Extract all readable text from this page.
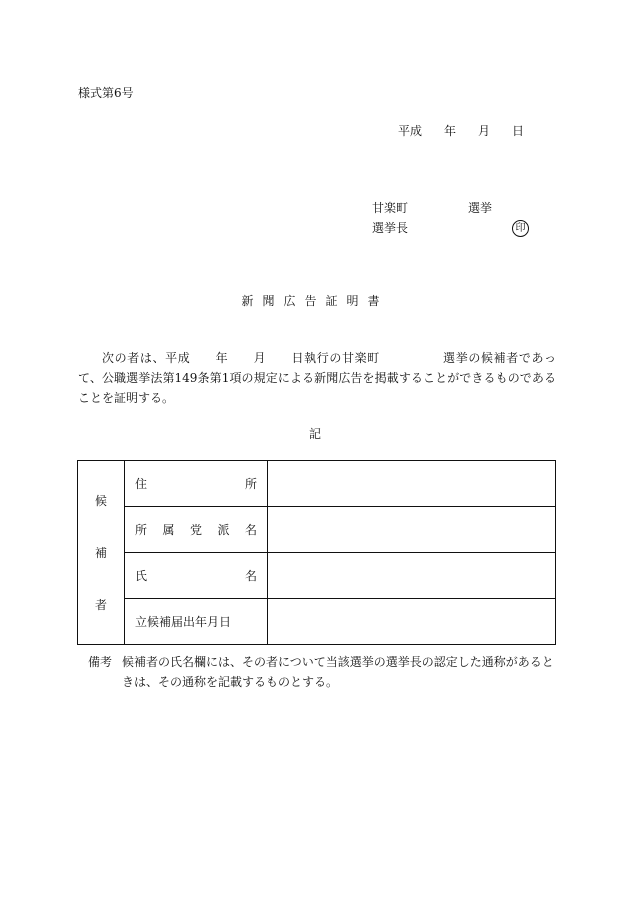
様式第6号
平成 年 月 日
甘楽町	選挙
選挙長	印
新聞広告証明書
次の者は、平成　　年　　月　　日執行の甘楽町　　　　　選挙の候補者であって、公職選挙法第149条第1項の規定による新聞広告を掲載することができるものであることを証明する。
記
候
補
者	住 所	

	所 属 党 派 名	

	氏 名	

	立候補届出年月日	
備考 候補者の氏名欄には、その者について当該選挙の選挙長の認定した通称があると
きは、その通称を記載するものとする。
